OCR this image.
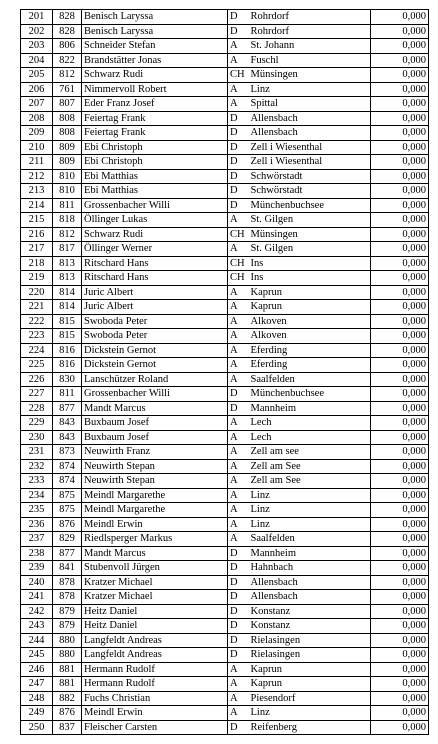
201	828	Benisch Laryssa	D	Rohrdorf	0,000
202	828	Benisch Laryssa	D	Rohrdorf	0,000
203	806	Schneider Stefan	A	St. Johann	0,000
204	822	Brandstätter Jonas	A	Fuschl	0,000
205	812	Schwarz Rudi	CH	Münsingen	0,000
206	761	Nimmervoll Robert	A	Linz	0,000
207	807	Eder Franz Josef	A	Spittal	0,000
208	808	Feiertag Frank	D	Allensbach	0,000
209	808	Feiertag Frank	D	Allensbach	0,000
210	809	Ebi Christoph	D	Zell i Wiesenthal	0,000
211	809	Ebi Christoph	D	Zell i Wiesenthal	0,000
212	810	Ebi Matthias	D	Schwörstadt	0,000
213	810	Ebi Matthias	D	Schwörstadt	0,000
214	811	Grossenbacher Willi	D	Münchenbuchsee	0,000
215	818	Öllinger Lukas	A	St. Gilgen	0,000
216	812	Schwarz Rudi	CH	Münsingen	0,000
217	817	Öllinger Werner	A	St. Gilgen	0,000
218	813	Ritschard Hans	CH	Ins	0,000
219	813	Ritschard Hans	CH	Ins	0,000
220	814	Juric Albert	A	Kaprun	0,000
221	814	Juric Albert	A	Kaprun	0,000
222	815	Swoboda Peter	A	Alkoven	0,000
223	815	Swoboda Peter	A	Alkoven	0,000
224	816	Dickstein Gernot	A	Eferding	0,000
225	816	Dickstein Gernot	A	Eferding	0,000
226	830	Lanschützer Roland	A	Saalfelden	0,000
227	811	Grossenbacher Willi	D	Münchenbuchsee	0,000
228	877	Mandt Marcus	D	Mannheim	0,000
229	843	Buxbaum Josef	A	Lech	0,000
230	843	Buxbaum Josef	A	Lech	0,000
231	873	Neuwirth Franz	A	Zell am see	0,000
232	874	Neuwirth Stepan	A	Zell am See	0,000
233	874	Neuwirth Stepan	A	Zell am See	0,000
234	875	Meindl Margarethe	A	Linz	0,000
235	875	Meindl Margarethe	A	Linz	0,000
236	876	Meindl Erwin	A	Linz	0,000
237	829	Riedlsperger Markus	A	Saalfelden	0,000
238	877	Mandt Marcus	D	Mannheim	0,000
239	841	Stubenvoll Jürgen	D	Hahnbach	0,000
240	878	Kratzer Michael	D	Allensbach	0,000
241	878	Kratzer Michael	D	Allensbach	0,000
242	879	Heitz Daniel	D	Konstanz	0,000
243	879	Heitz Daniel	D	Konstanz	0,000
244	880	Langfeldt Andreas	D	Rielasingen	0,000
245	880	Langfeldt Andreas	D	Rielasingen	0,000
246	881	Hermann Rudolf	A	Kaprun	0,000
247	881	Hermann Rudolf	A	Kaprun	0,000
248	882	Fuchs Christian	A	Piesendorf	0,000
249	876	Meindl Erwin	A	Linz	0,000
250	837	Fleischer Carsten	D	Reifenberg	0,000
